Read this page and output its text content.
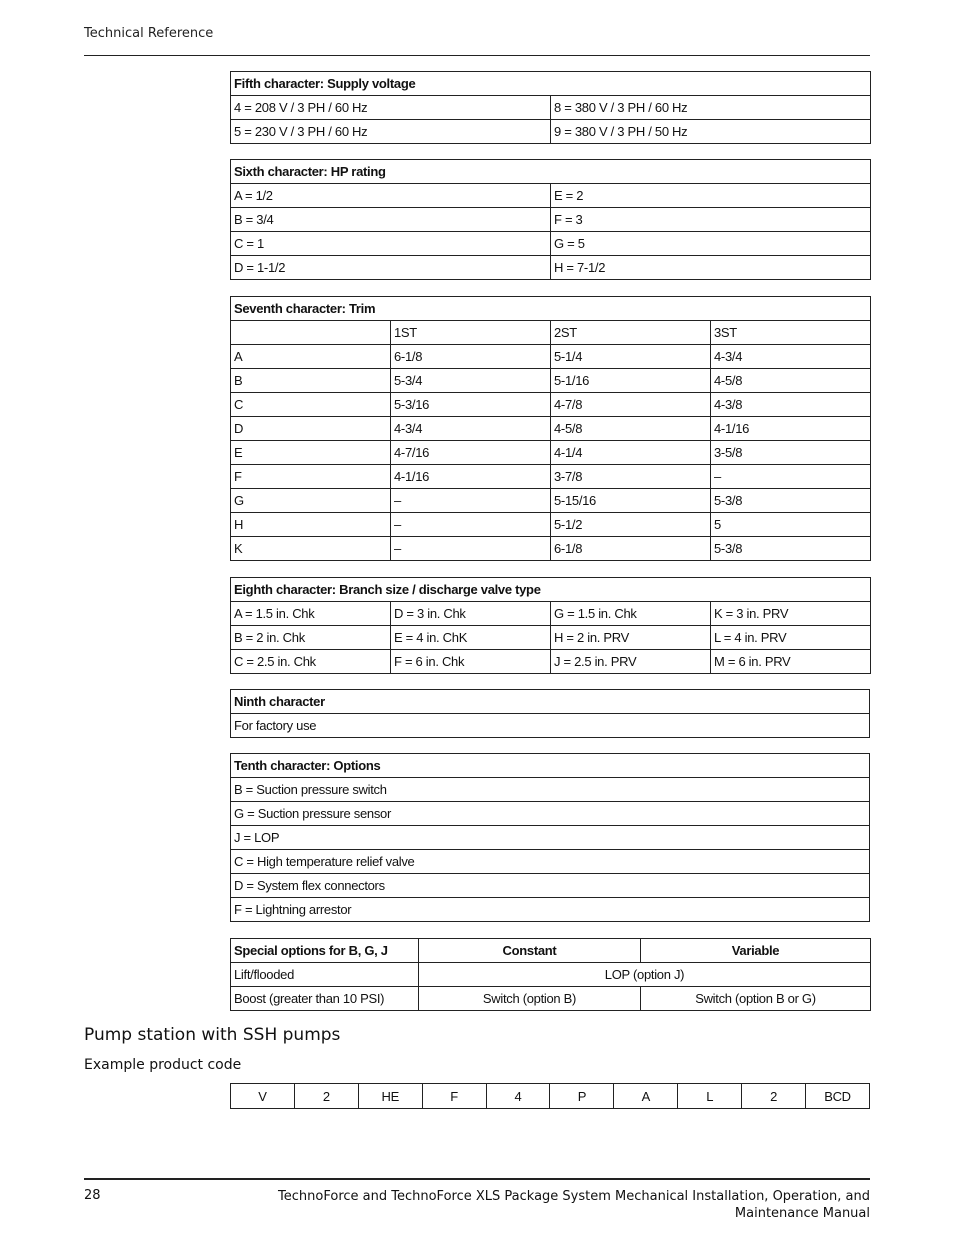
Technical Reference
Fifth character: Supply voltage	
4 = 208 V / 3 PH / 60 Hz	8 = 380 V / 3 PH / 60 Hz
5 = 230 V / 3 PH / 60 Hz	9 = 380 V / 3 PH / 50 Hz
Sixth character: HP rating	
A = 1/2	E = 2
B = 3/4	F = 3
C = 1	G = 5
D = 1-1/2	H = 7-1/2
Seventh character: Trim			
	1ST	2ST	3ST
A	6-1/8	5-1/4	4-3/4
B	5-3/4	5-1/16	4-5/8
C	5-3/16	4-7/8	4-3/8
D	4-3/4	4-5/8	4-1/16
E	4-7/16	4-1/4	3-5/8
F	4-1/16	3-7/8	–
G	–	5-15/16	5-3/8
H	–	5-1/2	5
K	–	6-1/8	5-3/8
Eighth character: Branch size / discharge valve type			
A = 1.5 in. Chk	D = 3 in. Chk	G = 1.5 in. Chk	K = 3 in. PRV
B = 2 in. Chk	E = 4 in. ChK	H = 2 in. PRV	L = 4 in. PRV
C = 2.5 in. Chk	F = 6 in. Chk	J = 2.5 in. PRV	M = 6 in. PRV
Ninth character
For factory use
Tenth character: Options
B = Suction pressure switch
G = Suction pressure sensor
J = LOP
C = High temperature relief valve
D = System flex connectors
F = Lightning arrestor
Special options for B, G, J	Constant	Variable
Lift/flooded	LOP (option J)	
Boost (greater than 10 PSI)	Switch (option B)	Switch (option B or G)
Pump station with SSH pumps
Example product code
V	2	HE	F	4	P	A	L	2	BCD
28	TechnoForce and TechnoForce XLS Package System Mechanical Installation, Operation, and Maintenance Manual
